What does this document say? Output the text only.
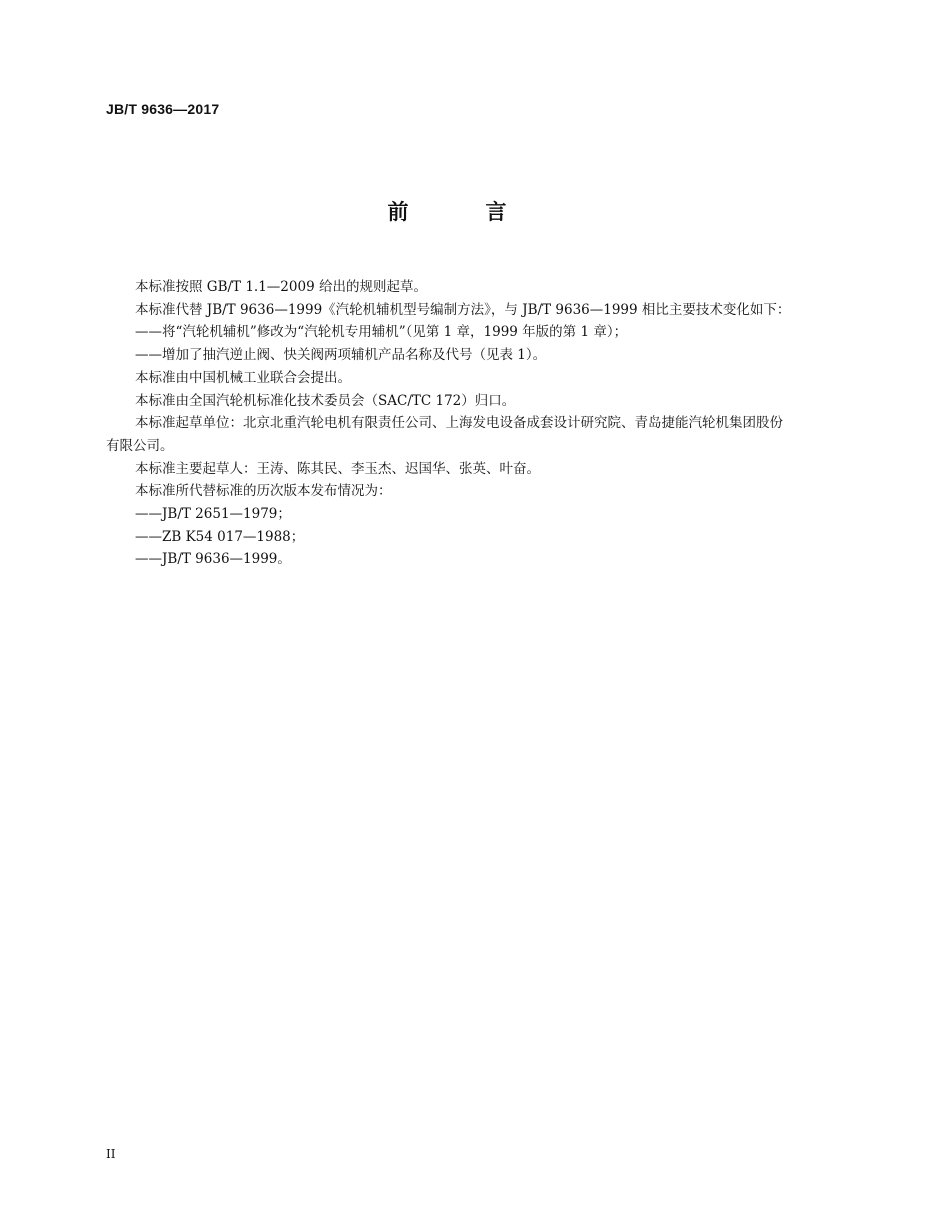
JB/T 9636—2017
前　言

本标准按照 GB/T 1.1—2009 给出的规则起草。

本标准代替 JB/T 9636—1999《汽轮机辅机型号编制方法》，与 JB/T 9636—1999 相比主要技术变化如下：

——将“汽轮机辅机”修改为“汽轮机专用辅机”（见第 1 章，1999 年版的第 1 章）；

——增加了抽汽逆止阀、快关阀两项辅机产品名称及代号（见表 1）。

本标准由中国机械工业联合会提出。

本标准由全国汽轮机标准化技术委员会（SAC/TC 172）归口。

本标准起草单位：北京北重汽轮电机有限责任公司、上海发电设备成套设计研究院、青岛捷能汽轮机集团股份有限公司。

本标准主要起草人：王涛、陈其民、李玉杰、迟国华、张英、叶奋。

本标准所代替标准的历次版本发布情况为：

——JB/T 2651—1979；

——ZB K54 017—1988；

——JB/T 9636—1999。

II
